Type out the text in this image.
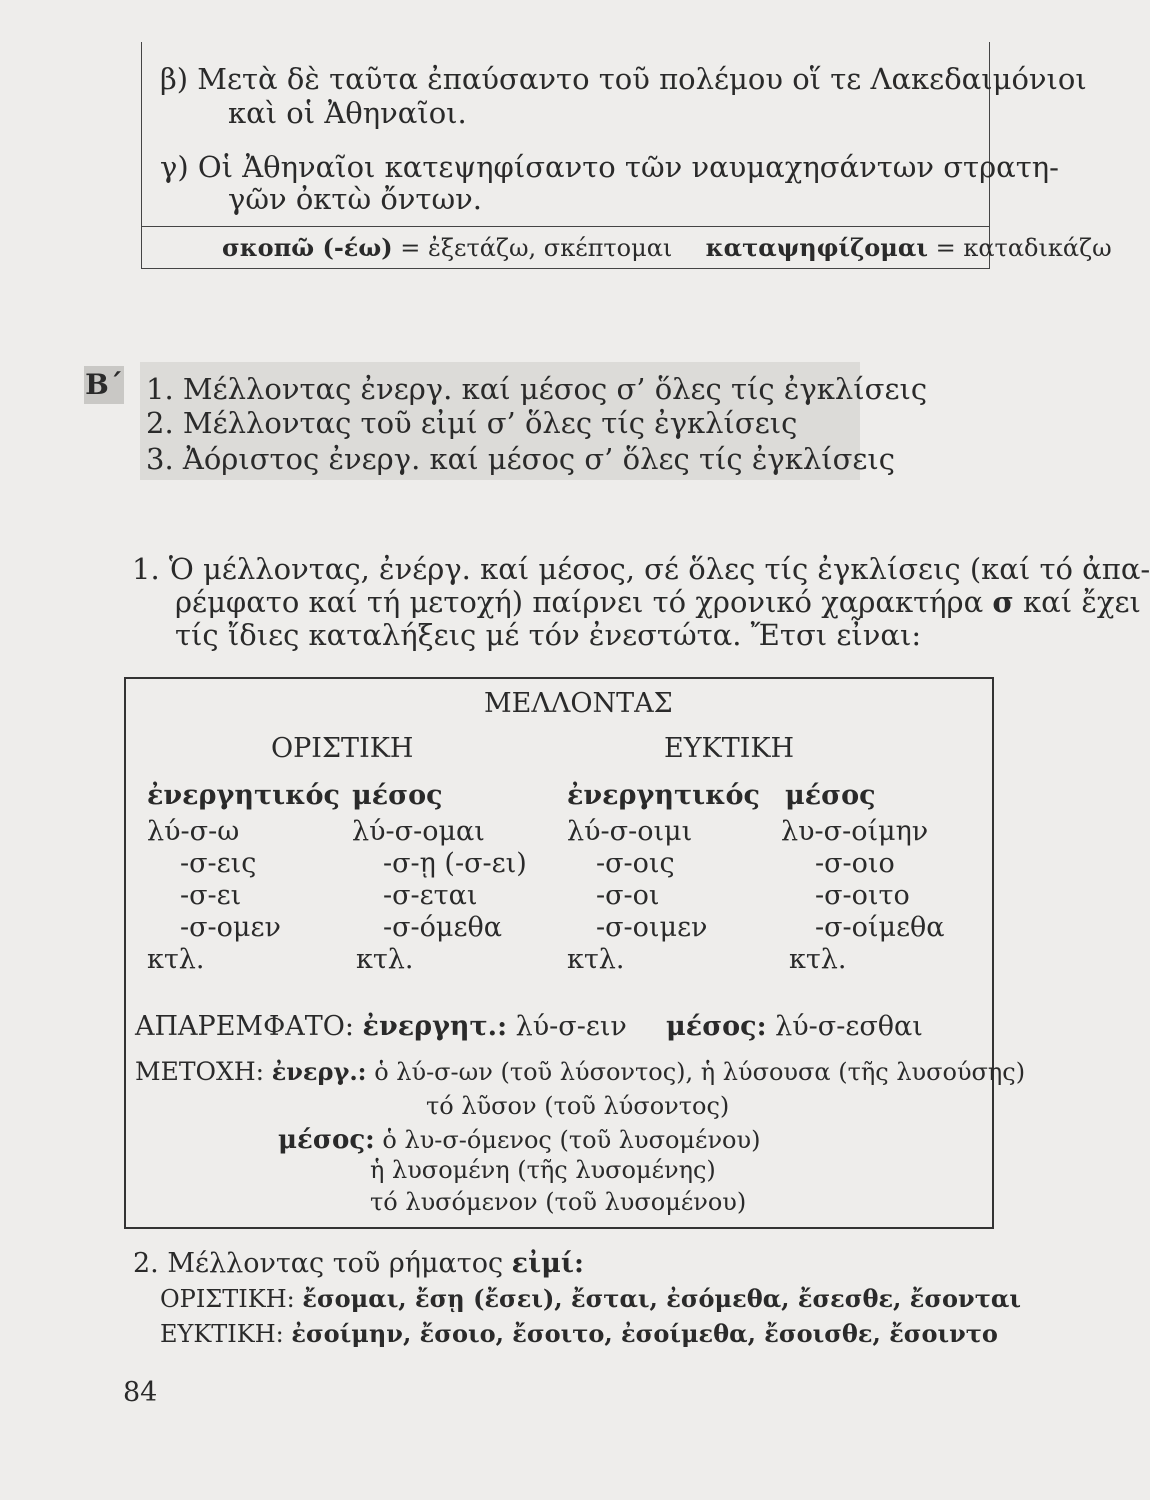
β) Μετὰ δὲ ταῦτα ἐπαύσαντο τοῦ πολέμου οἵ τε Λακεδαιμόνιοι
καὶ οἱ Ἀθηναῖοι.
γ) Οἱ Ἀθηναῖοι κατεψηφίσαντο τῶν ναυμαχησάντων στρατη-
γῶν ὀκτὼ ὄντων.
σκοπῶ (-έω) = ἐξετάζω, σκέπτομαι καταψηφίζομαι = καταδικάζω
Β΄ 1. Μέλλοντας ἐνεργ. καί μέσος σ’ ὅλες τίς ἐγκλίσεις
2. Μέλλοντας τοῦ εἰμί σ’ ὅλες τίς ἐγκλίσεις
3. Ἀόριστος ἐνεργ. καί μέσος σ’ ὅλες τίς ἐγκλίσεις
1. Ὁ μέλλοντας, ἐνέργ. καί μέσος, σέ ὅλες τίς ἐγκλίσεις (καί τό ἀπα-
ρέμφατο καί τή μετοχή) παίρνει τό χρονικό χαρακτήρα σ καί ἔχει
τίς ἴδιες καταλήξεις μέ τόν ἐνεστώτα. Ἔτσι εἶναι:
ΜΕΛΛΟΝΤΑΣ
ΟΡΙΣΤΙΚΗ	ΕΥΚΤΙΚΗ
ἐνεργητικός μέσος	ἐνεργητικός μέσος
λύ-σ-ω	λύ-σ-ομαι	λύ-σ-οιμι	λυ-σ-οίμην
-σ-εις	-σ-ῃ (-σ-ει)	-σ-οις	-σ-οιο
-σ-ει	-σ-εται	-σ-οι	-σ-οιτο
-σ-ομεν	-σ-όμεθα	-σ-οιμεν	-σ-οίμεθα
κτλ.	κτλ.	κτλ.	κτλ.
ΑΠΑΡΕΜΦΑΤΟ: ἐνεργητ.: λύ-σ-ειν μέσος: λύ-σ-εσθαι
ΜΕΤΟΧΗ: ἐνεργ.: ὁ λύ-σ-ων (τοῦ λύσοντος), ἡ λύσουσα (τῆς λυσούσης)
τό λῦσον (τοῦ λύσοντος)
μέσος: ὁ λυ-σ-όμενος (τοῦ λυσομένου)
ἡ λυσομένη (τῆς λυσομένης)
τό λυσόμενον (τοῦ λυσομένου)
2. Μέλλοντας τοῦ ρήματος εἰμί:
ΟΡΙΣΤΙΚΗ: ἔσομαι, ἔσῃ (ἔσει), ἔσται, ἐσόμεθα, ἔσεσθε, ἔσονται
ΕΥΚΤΙΚΗ: ἐσοίμην, ἔσοιο, ἔσοιτο, ἐσοίμεθα, ἔσοισθε, ἔσοιντο
84
